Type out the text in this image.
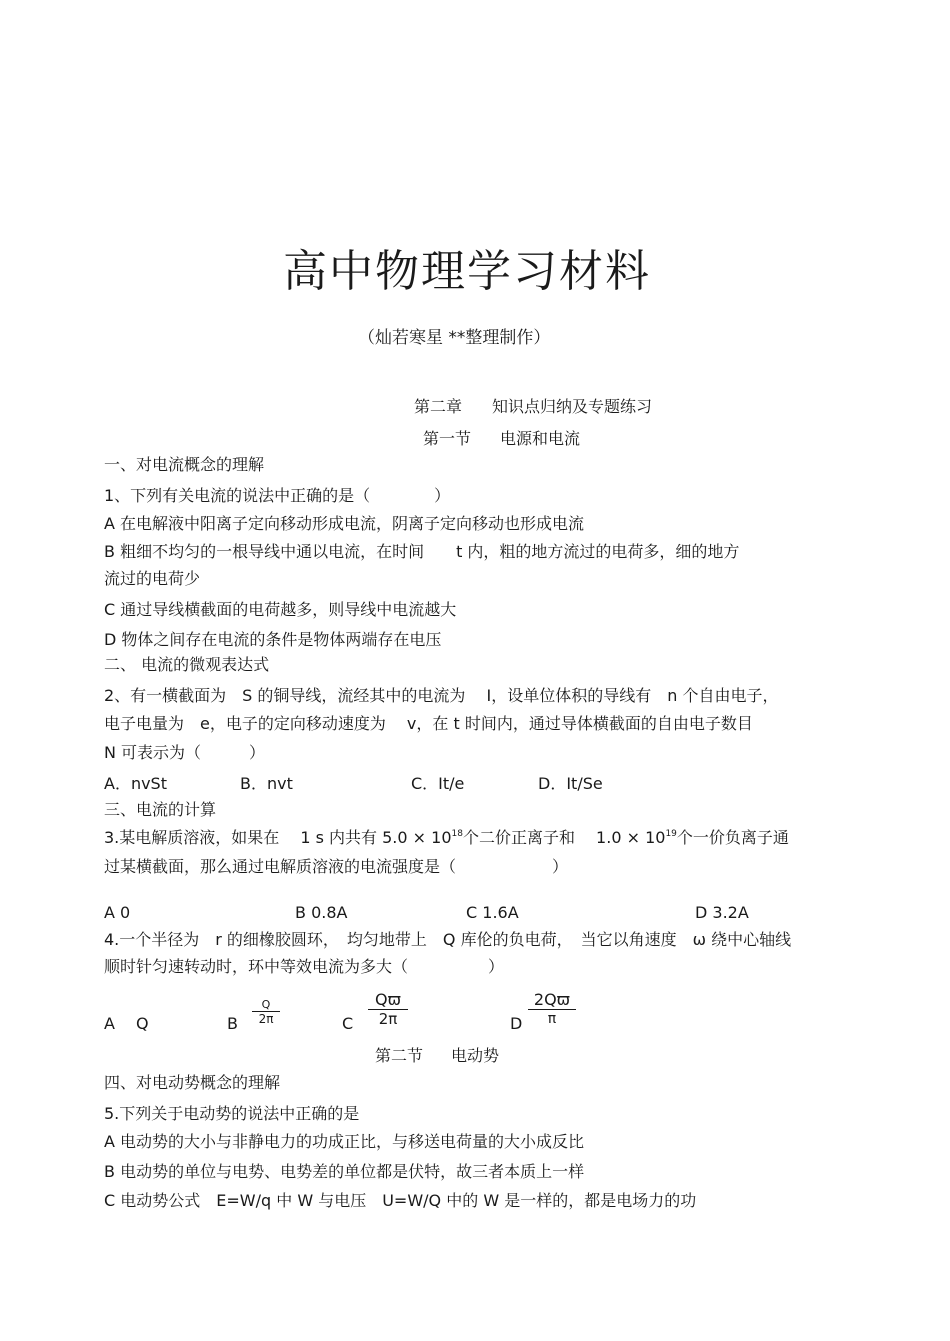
高中物理学习材料
（灿若寒星 **整理制作）
第二章 知识点归纳及专题练习
第一节 电源和电流
一、对电流概念的理解
1、下列有关电流的说法中正确的是（　　　　）
A 在电解液中阳离子定向移动形成电流，阴离子定向移动也形成电流
B 粗细不均匀的一根导线中通以电流，在时间　　t 内，粗的地方流过的电荷多，细的地方
流过的电荷少
C 通过导线横截面的电荷越多，则导线中电流越大
D 物体之间存在电流的条件是物体两端存在电压
二、 电流的微观表达式
2、有一横截面为　S 的铜导线，流经其中的电流为　 I，设单位体积的导线有　n 个自由电子，
电子电量为　e，电子的定向移动速度为　 v，在 t 时间内，通过导体横截面的自由电子数目
N 可表示为（　　　）
A．nvSt	B．nvt	C．It/e	D．It/Se
三、电流的计算
3.某电解质溶液，如果在　 1 s 内共有 $5.0 \times 10^{18}$个二价正离子和　 $1.0 \times 10^{19}$个一价负离子通
过某横截面，那么通过电解质溶液的电流强度是（　　　　　　）
A 0	B 0.8A	C 1.6A	D 3.2A
4.一个半径为　r 的细橡胶圆环，　均匀地带上　Q 库伦的负电荷，　当它以角速度　ω 绕中心轴线
顺时针匀速转动时，环中等效电流为多大（　　　　　）
A Q	B
Q
2π	C
Qϖ
2π	D
2Qϖ
π
第二节 电动势
四、对电动势概念的理解
5.下列关于电动势的说法中正确的是
A 电动势的大小与非静电力的功成正比，与移送电荷量的大小成反比
B 电动势的单位与电势、电势差的单位都是伏特，故三者本质上一样
C 电动势公式　E=W/q 中 W 与电压　U=W/Q 中的 W 是一样的，都是电场力的功
